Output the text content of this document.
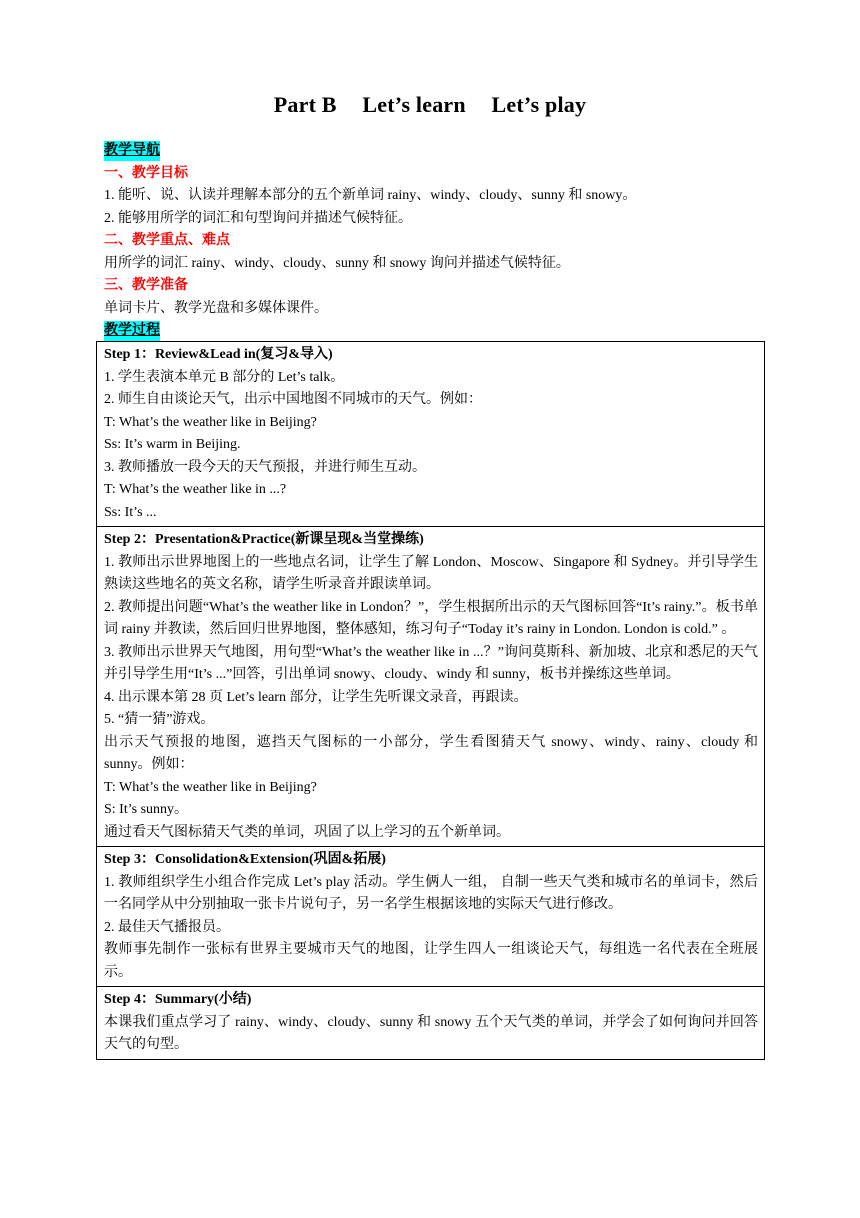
Part B Let’s learn Let’s play
教学导航
一、教学目标
1. 能听、说、认读并理解本部分的五个新单词 rainy、windy、cloudy、sunny 和 snowy。
2. 能够用所学的词汇和句型询问并描述气候特征。
二、教学重点、难点
用所学的词汇 rainy、windy、cloudy、sunny 和 snowy 询问并描述气候特征。
三、教学准备
单词卡片、教学光盘和多媒体课件。
教学过程
Step 1：Review&Lead in(复习&导入)
1. 学生表演本单元 B 部分的 Let’s talk。
2. 师生自由谈论天气，出示中国地图不同城市的天气。例如：
T: What’s the weather like in Beijing?
Ss: It’s warm in Beijing.
3. 教师播放一段今天的天气预报，并进行师生互动。
T: What’s the weather like in ...?
Ss: It’s ...

Step 2：Presentation&Practice(新课呈现&当堂操练)
1. 教师出示世界地图上的一些地点名词，让学生了解 London、Moscow、Singapore 和 Sydney。并引导学生熟读这些地名的英文名称，请学生听录音并跟读单词。
2. 教师提出问题“What’s the weather like in London？”，学生根据所出示的天气图标回答“It’s rainy.”。板书单词 rainy 并教读，然后回归世界地图，整体感知，练习句子“Today it’s rainy in London. London is cold.” 。
3. 教师出示世界天气地图，用句型“What’s the weather like in ...？”询问莫斯科、新加坡、北京和悉尼的天气并引导学生用“It’s ...”回答，引出单词 snowy、cloudy、windy 和 sunny，板书并操练这些单词。
4. 出示课本第 28 页 Let’s learn 部分，让学生先听课文录音，再跟读。
5. “猜一猜”游戏。
出示天气预报的地图，遮挡天气图标的一小部分，学生看图猜天气 snowy、windy、rainy、cloudy 和 sunny。例如：
T: What’s the weather like in Beijing?
S: It’s sunny。
通过看天气图标猜天气类的单词，巩固了以上学习的五个新单词。

Step 3：Consolidation&Extension(巩固&拓展)
1. 教师组织学生小组合作完成 Let’s play 活动。学生俩人一组， 自制一些天气类和城市名的单词卡，然后一名同学从中分别抽取一张卡片说句子，另一名学生根据该地的实际天气进行修改。
2. 最佳天气播报员。
教师事先制作一张标有世界主要城市天气的地图，让学生四人一组谈论天气，每组选一名代表在全班展示。

Step 4：Summary(小结)
本课我们重点学习了 rainy、windy、cloudy、sunny 和 snowy 五个天气类的单词，并学会了如何询问并回答天气的句型。
